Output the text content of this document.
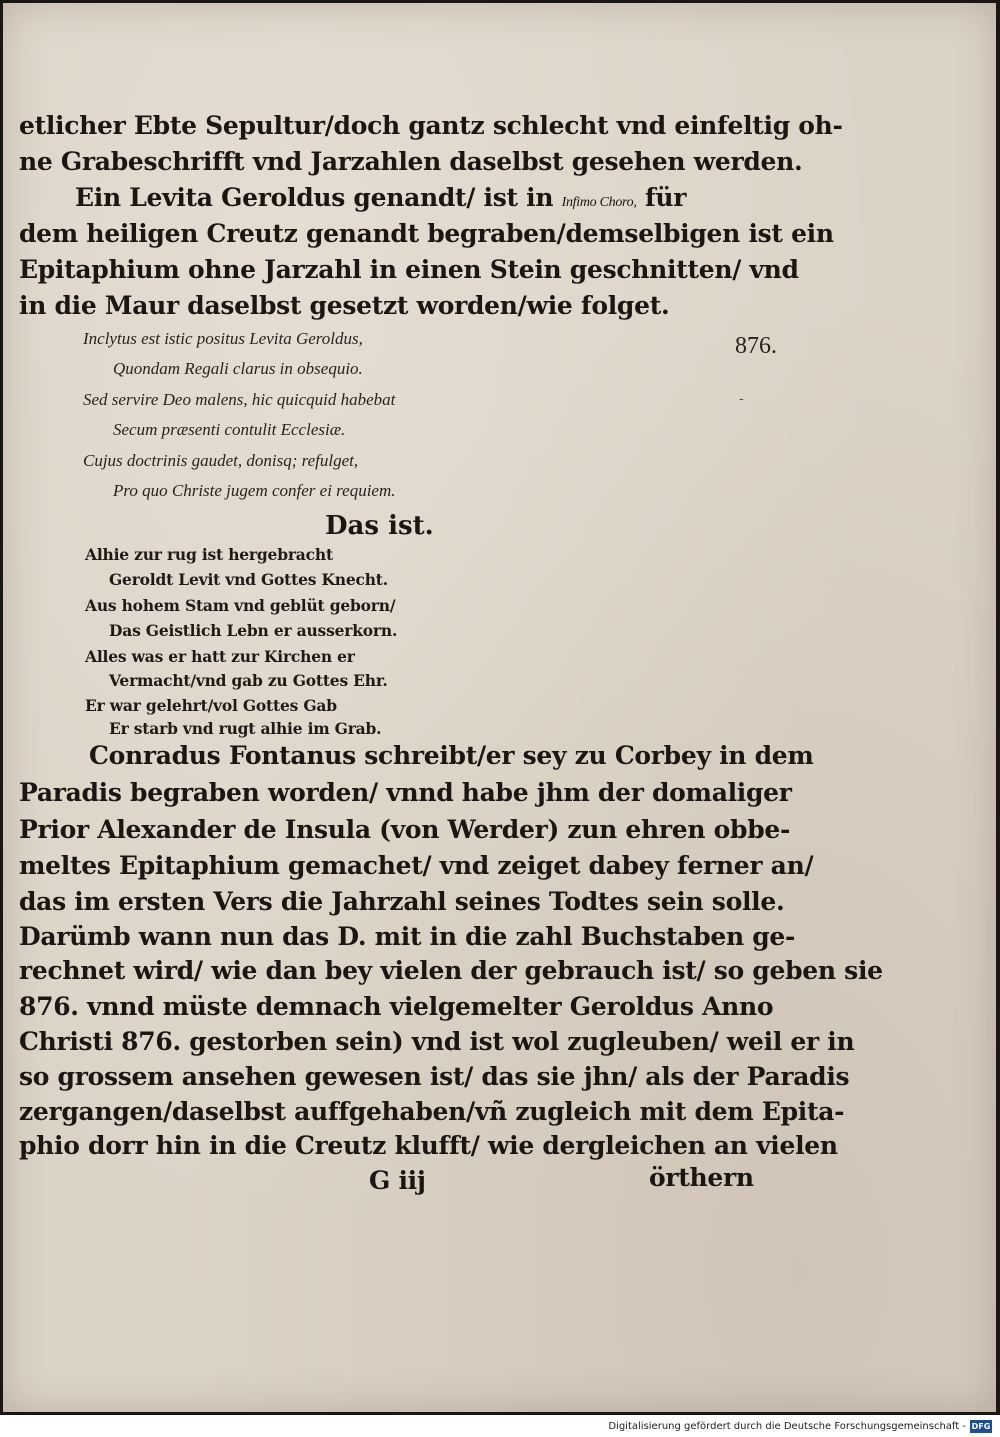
etlicher Ebte Sepultur/doch gantz schlecht vnd einfeltig oh-
ne Grabeschrifft vnd Jarzahlen daselbst gesehen werden.
Ein Levita Geroldus genandt/ ist in Infimo Choro, für
dem heiligen Creutz genandt begraben/demselbigen ist ein
Epitaphium ohne Jarzahl in einen Stein geschnitten/ vnd
in die Maur daselbst gesetzt worden/wie folget.
Inclytus est istic positus Levita Geroldus,
Quondam Regali clarus in obsequio.
Sed servire Deo malens, hic quicquid habebat
Secum præsenti contulit Ecclesiæ.
Cujus doctrinis gaudet, donisq; refulget,
Pro quo Christe jugem confer ei requiem.
876.
-
Das ist.
Alhie zur rug ist hergebracht
Geroldt Levit vnd Gottes Knecht.
Aus hohem Stam vnd geblüt geborn/
Das Geistlich Lebn er ausserkorn.
Alles was er hatt zur Kirchen er
Vermacht/vnd gab zu Gottes Ehr.
Er war gelehrt/vol Gottes Gab
Er starb vnd rugt alhie im Grab.
Conradus Fontanus schreibt/er sey zu Corbey in dem
Paradis begraben worden/ vnnd habe jhm der domaliger
Prior Alexander de Insula (von Werder) zun ehren obbe-
meltes Epitaphium gemachet/ vnd zeiget dabey ferner an/
das im ersten Vers die Jahrzahl seines Todtes sein solle.
Darümb wann nun das D. mit in die zahl Buchstaben ge-
rechnet wird/ wie dan bey vielen der gebrauch ist/ so geben sie
876. vnnd müste demnach vielgemelter Geroldus Anno
Christi 876. gestorben sein) vnd ist wol zugleuben/ weil er in
so grossem ansehen gewesen ist/ das sie jhn/ als der Paradis
zergangen/daselbst auffgehaben/vñ zugleich mit dem Epita-
phio dorr hin in die Creutz klufft/ wie dergleichen an vielen
G iij	örthern
Digitalisierung gefördert durch die Deutsche Forschungsgemeinschaft - DFG
